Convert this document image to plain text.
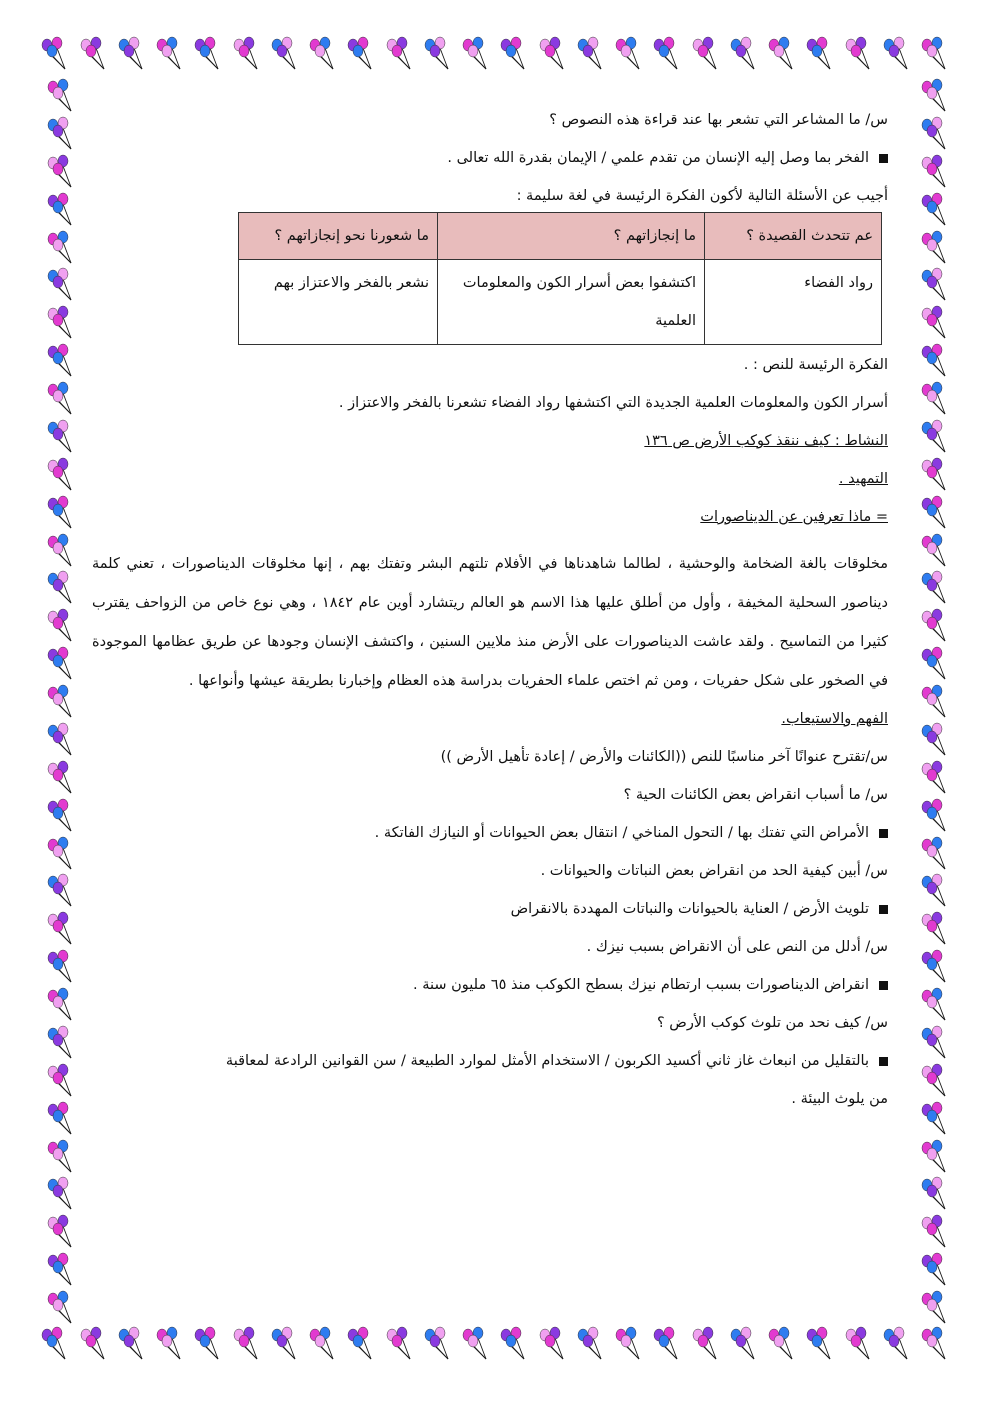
س/ ما المشاعر التي تشعر بها عند قراءة هذه النصوص ؟

الفخر بما وصل إليه الإنسان من تقدم علمي / الإيمان بقدرة الله تعالى .

أجيب عن الأسئلة التالية لأكون الفكرة الرئيسة في لغة سليمة :

عم تتحدث القصيدة ؟	ما إنجازاتهم ؟	ما شعورنا نحو إنجازاتهم ؟
رواد الفضاء	اكتشفوا بعض أسرار الكون والمعلومات العلمية	نشعر بالفخر والاعتزاز بهم

الفكرة الرئيسة للنص : .

أسرار الكون والمعلومات العلمية الجديدة التي اكتشفها رواد الفضاء تشعرنا بالفخر والاعتزاز .

النشاط : كيف ننقذ كوكب الأرض ص ١٣٦

التمهيد .

= ماذا تعرفين عن الديناصورات

مخلوقات بالغة الضخامة والوحشية ، لطالما شاهدناها في الأفلام تلتهم البشر وتفتك بهم ، إنها مخلوقات الديناصورات ، تعني كلمة ديناصور السحلية المخيفة ، وأول من أطلق عليها هذا الاسم هو العالم ريتشارد أوين عام ١٨٤٢ ، وهي نوع خاص من الزواحف يقترب كثيرا من التماسيح . ولقد عاشت الديناصورات على الأرض منذ ملايين السنين ، واكتشف الإنسان وجودها عن طريق عظامها الموجودة في الصخور على شكل حفريات ، ومن ثم اختص علماء الحفريات بدراسة هذه العظام وإخبارنا بطريقة عيشها وأنواعها .

الفهم والاستيعاب.

س/تقترح عنوانًا آخر مناسبًا للنص ((الكائنات والأرض / إعادة تأهيل الأرض ))

س/ ما أسباب انقراض بعض الكائنات الحية ؟

الأمراض التي تفتك بها / التحول المناخي / انتقال بعض الحيوانات أو النيازك الفاتكة .

س/ أبين كيفية الحد من انقراض بعض النباتات والحيوانات .

تلويث الأرض / العناية بالحيوانات والنباتات المهددة بالانقراض

س/ أدلل من النص على أن الانقراض بسبب نيزك .

انقراض الديناصورات بسبب ارتطام نيزك بسطح الكوكب منذ ٦٥ مليون سنة .

س/ كيف نحد من تلوث كوكب الأرض ؟

بالتقليل من انبعاث غاز ثاني أكسيد الكربون / الاستخدام الأمثل لموارد الطبيعة / سن القوانين الرادعة لمعاقبة

من يلوث البيئة .
